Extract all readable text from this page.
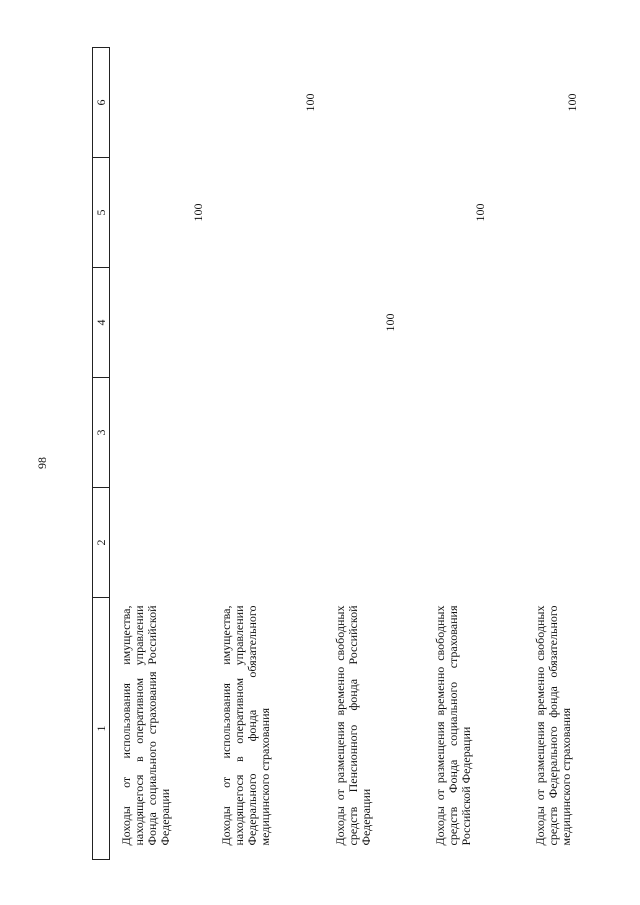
98
1	2	3	4	5	6
Доходы от использования имущества, находящегося в оперативном управлении Фонда социального страхования Российской Федерации				100	
Доходы от использования имущества, находящегося в оперативном управлении Федерального фонда обязательного медицинского страхования					100
Доходы от размещения временно свободных средств Пенсионного фонда Российской Федерации			100		
Доходы от размещения временно свободных средств Фонда социального страхования Российской Федерации				100	
Доходы от размещения временно свободных средств Федерального фонда обязательного медицинского страхования					100
